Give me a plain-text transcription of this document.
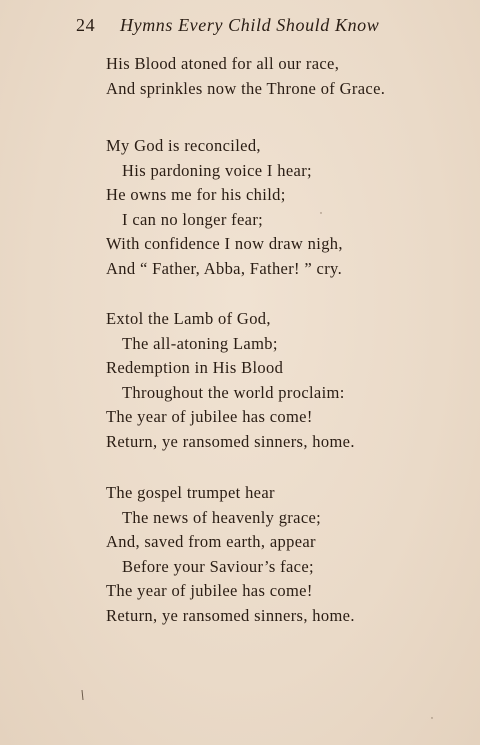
24	Hymns Every Child Should Know
His Blood atoned for all our race,
And sprinkles now the Throne of Grace.
My God is reconciled,
His pardoning voice I hear;
He owns me for his child;
I can no longer fear;
With confidence I now draw nigh,
And “ Father, Abba, Father! ” cry.
Extol the Lamb of God,
The all-atoning Lamb;
Redemption in His Blood
Throughout the world proclaim:
The year of jubilee has come!
Return, ye ransomed sinners, home.
The gospel trumpet hear
The news of heavenly grace;
And, saved from earth, appear
Before your Saviour’s face;
The year of jubilee has come!
Return, ye ransomed sinners, home.
